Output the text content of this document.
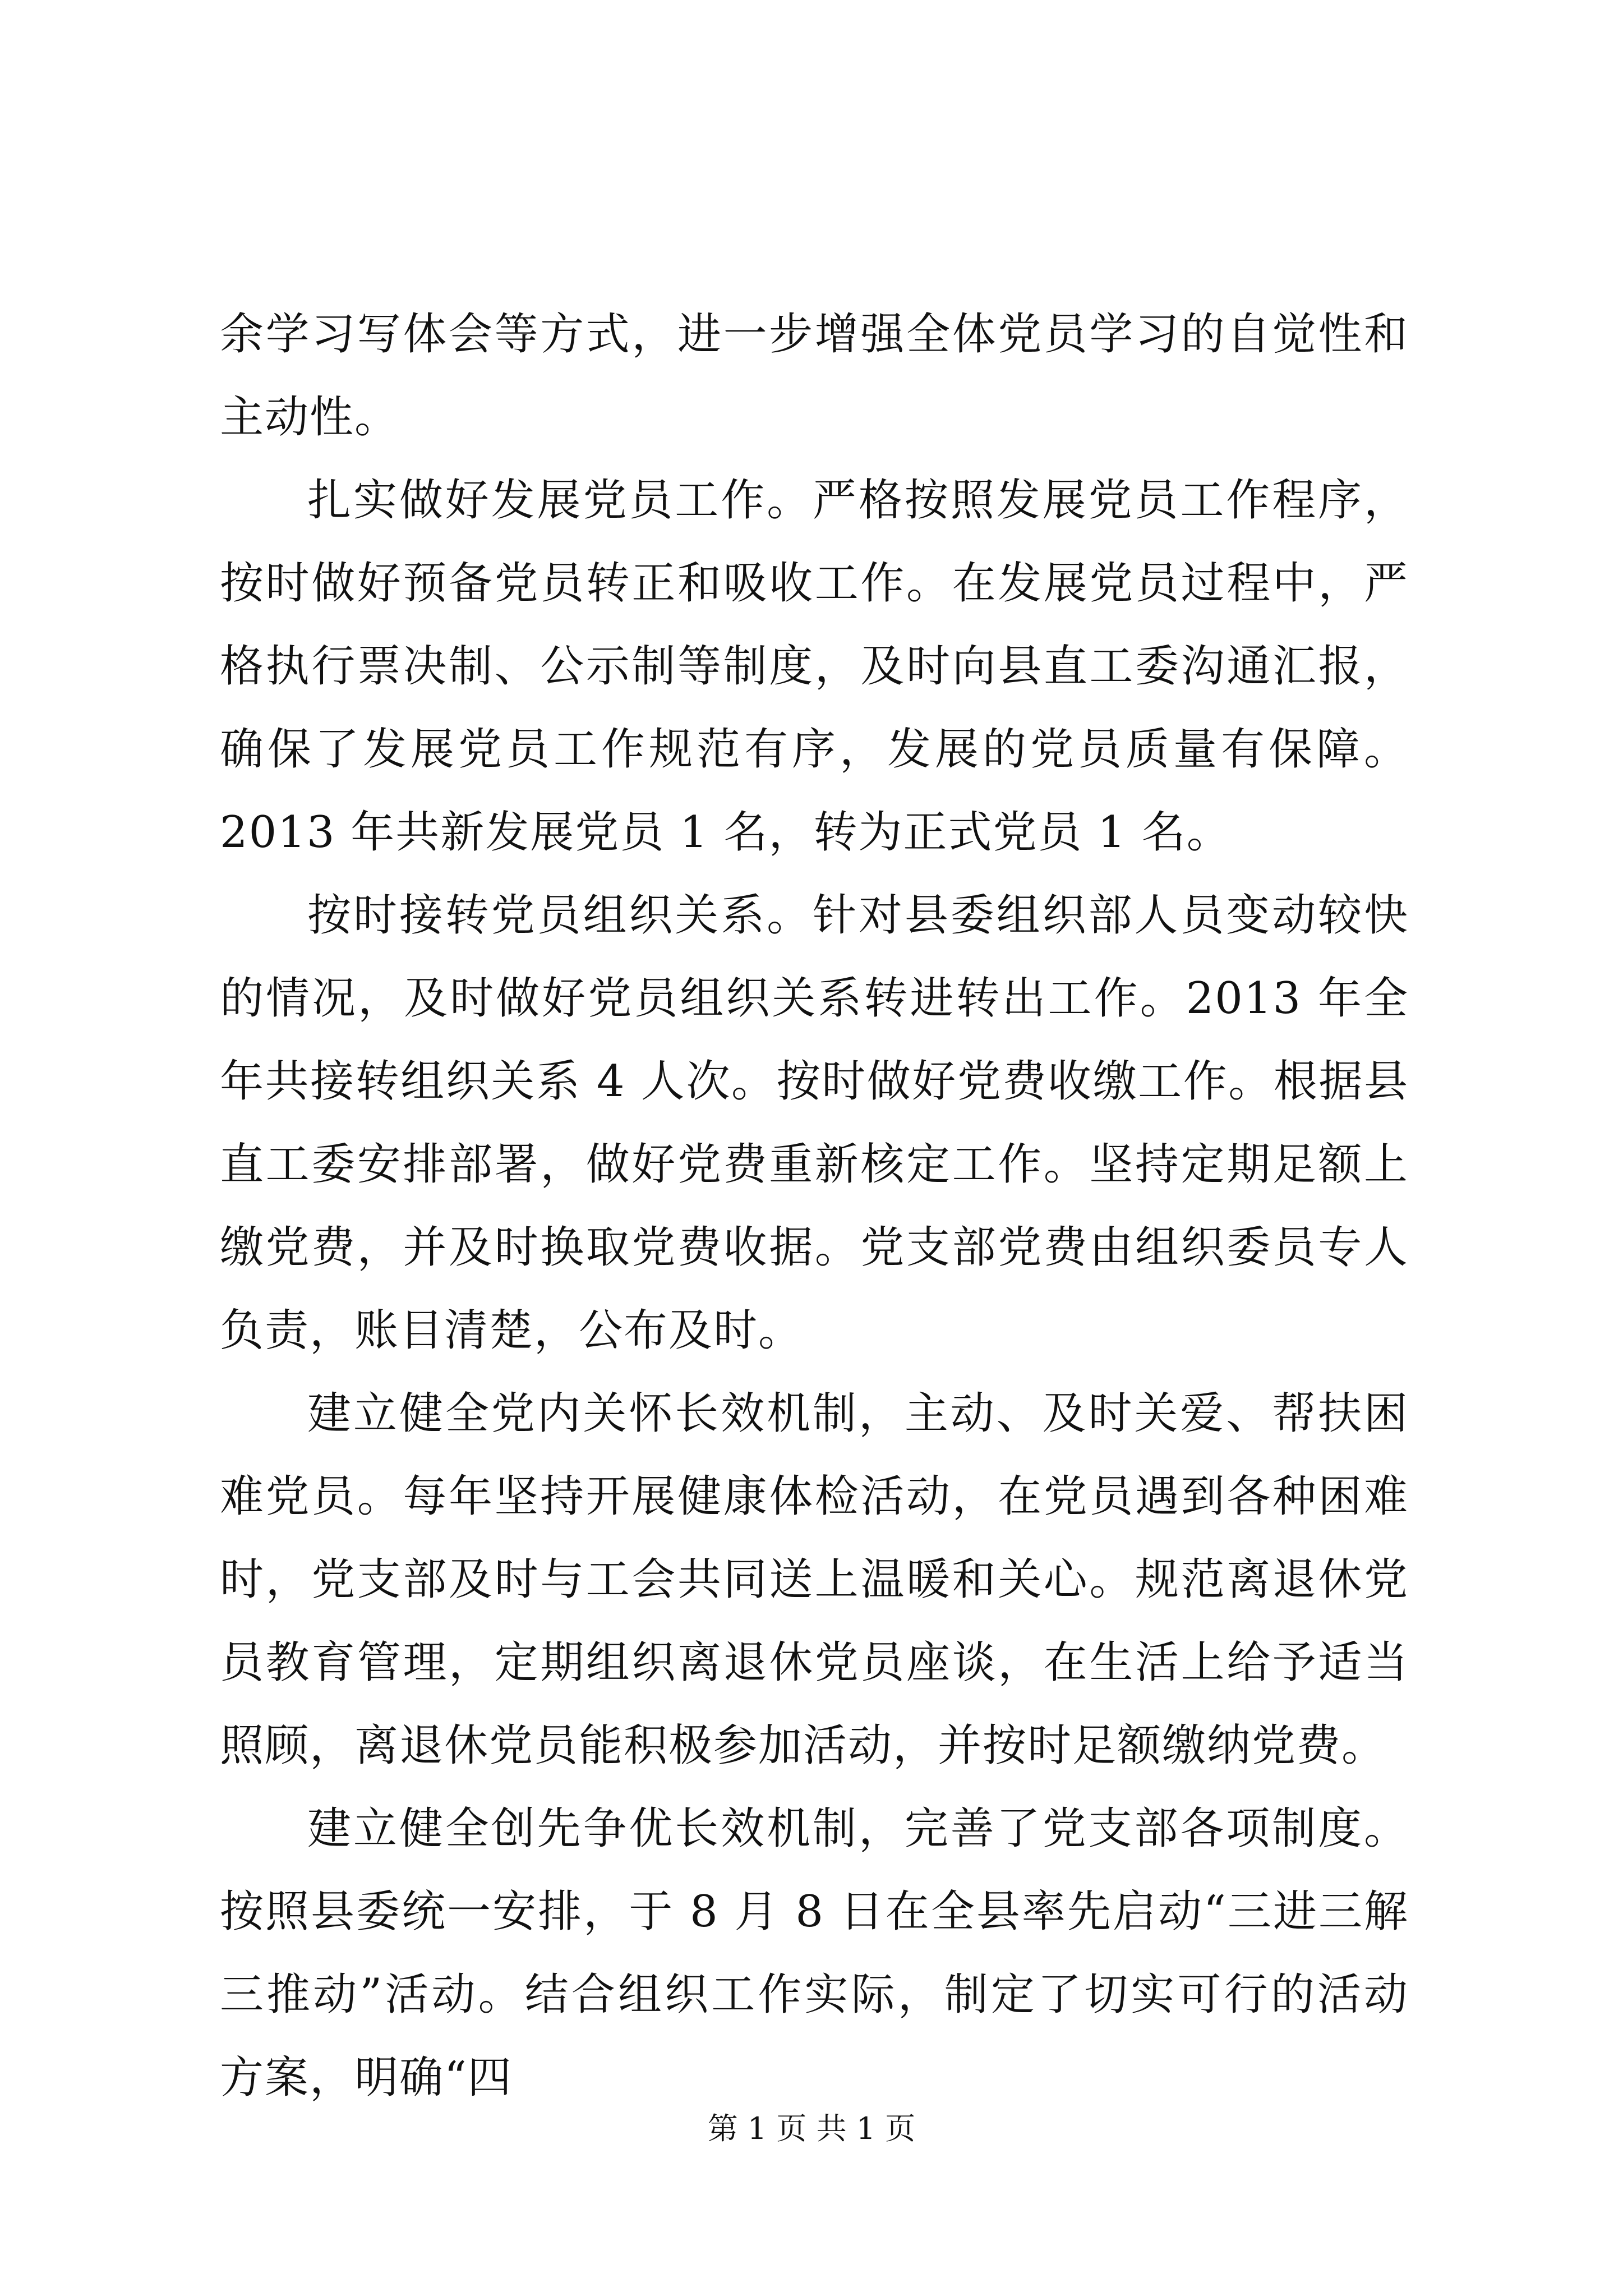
余学习写体会等方式，进一步增强全体党员学习的自觉性和主动性。

扎实做好发展党员工作。严格按照发展党员工作程序，按时做好预备党员转正和吸收工作。在发展党员过程中，严格执行票决制、公示制等制度，及时向县直工委沟通汇报，确保了发展党员工作规范有序，发展的党员质量有保障。2013 年共新发展党员 1 名，转为正式党员 1 名。

按时接转党员组织关系。针对县委组织部人员变动较快的情况，及时做好党员组织关系转进转出工作。2013 年全年共接转组织关系 4 人次。按时做好党费收缴工作。根据县直工委安排部署，做好党费重新核定工作。坚持定期足额上缴党费，并及时换取党费收据。党支部党费由组织委员专人负责，账目清楚，公布及时。

建立健全党内关怀长效机制，主动、及时关爱、帮扶困难党员。每年坚持开展健康体检活动，在党员遇到各种困难时，党支部及时与工会共同送上温暖和关心。规范离退休党员教育管理，定期组织离退休党员座谈，在生活上给予适当照顾，离退休党员能积极参加活动，并按时足额缴纳党费。

建立健全创先争优长效机制，完善了党支部各项制度。按照县委统一安排，于 8 月 8 日在全县率先启动“三进三解三推动”活动。结合组织工作实际，制定了切实可行的活动方案，明确“四

第 1 页 共 1 页
